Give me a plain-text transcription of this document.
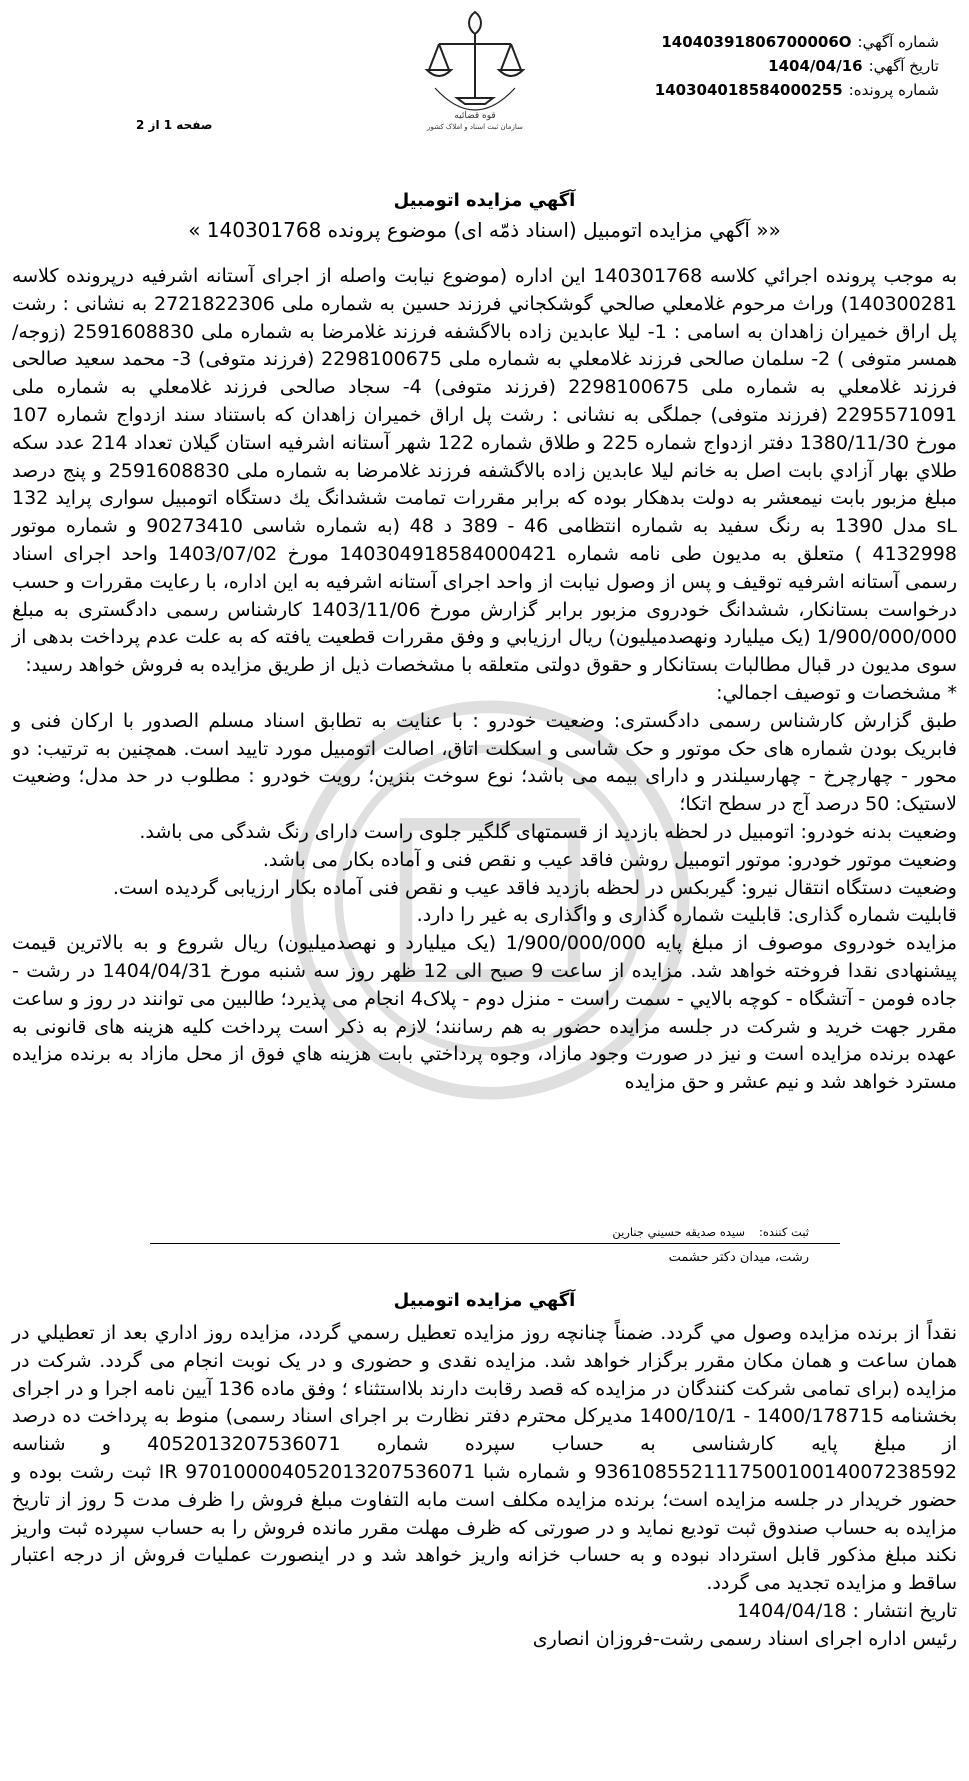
قوه قضائیه
سازمان ثبت اسناد و املاک کشور
شماره آگهي:14040391806700006O
تاريخ آگهي:1404/04/16
شماره پرونده:140304018584000255
صفحه 1 از 2
آگهي مزايده اتومبيل
«« آگهي مزايده اتومبيل (اسناد ذمّه اى) موضوع پرونده 140301768 »

به موجب پرونده اجرائي كلاسه 140301768 اين اداره (موضوع نيابت واصله از اجراى آستانه اشرفيه درپرونده كلاسه 140300281) وراث مرحوم غلامعلي صالحي گوشكجاني فرزند حسين به شماره ملى 2721822306 به نشانى : رشت پل اراق خميران زاهدان به اسامى : 1- ليلا عابدين زاده بالاگشفه فرزند غلامرضا به شماره ملى 2591608830 (زوجه/همسر متوفى ) 2- سلمان صالحى فرزند غلامعلي به شماره ملى 2298100675 (فرزند متوفى) 3- محمد سعيد صالحى فرزند غلامعلي به شماره ملى 2298100675 (فرزند متوفى) 4- سجاد صالحى فرزند غلامعلي به شماره ملى 2295571091 (فرزند متوفى) جملگى به نشانى : رشت پل اراق خميران زاهدان كه باستناد سند ازدواج شماره 107 مورخ 1380/11/30 دفتر ازدواج شماره 225 و طلاق شماره 122 شهر آستانه اشرفيه استان گيلان تعداد 214 عدد سكه طلاي بهار آزادي بابت اصل به خانم ليلا عابدين زاده بالاگشفه فرزند غلامرضا به شماره ملى 2591608830 و پنج درصد مبلغ مزبور بابت نيمعشر به دولت بدهكار بوده كه برابر مقررات تمامت ششدانگ يك دستگاه اتومبيل سوارى پرايد 132 sL مدل 1390 به رنگ سفيد به شماره انتظامى 46 - 389 د 48 (به شماره شاسى 90273410 و شماره موتور 4132998 ) متعلق به مديون طى نامه شماره 140304918584000421 مورخ 1403/07/02 واحد اجراى اسناد رسمى آستانه اشرفيه توقيف و پس از وصول نيابت از واحد اجراى آستانه اشرفيه به اين اداره، با رعايت مقررات و حسب درخواست بستانكار، ششدانگ خودروى مزبور برابر گزارش مورخ 1403/11/06 كارشناس رسمى دادگسترى به مبلغ 1/900/000/000 (يک ميليارد ونهصدميليون) ريال ارزيابي و وفق مقررات قطعيت يافته كه به علت عدم پرداخت بدهى از سوى مديون در قبال مطالبات بستانكار و حقوق دولتى متعلقه با مشخصات ذيل از طريق مزايده به فروش خواهد رسيد:

* مشخصات و توصيف اجمالي:

طبق گزارش كارشناس رسمى دادگسترى: وضعيت خودرو : با عنايت به تطابق اسناد مسلم الصدور با اركان فنى و فابريک بودن شماره هاى حک موتور و حک شاسى و اسكلت اتاق، اصالت اتومبيل مورد تاييد است. همچنين به ترتيب: دو محور - چهارچرخ - چهارسيلندر و داراى بيمه مى باشد؛ نوع سوخت بنزين؛ رويت خودرو : مطلوب در حد مدل؛ وضعيت لاستيک: 50 درصد آج در سطح اتكا؛

وضعيت بدنه خودرو: اتومبيل در لحظه بازديد از قسمتهاى گلگير جلوى راست داراى رنگ شدگى مى باشد.

وضعيت موتور خودرو: موتور اتومبيل روشن فاقد عيب و نقص فنى و آماده بكار مى باشد.

وضعيت دستگاه انتقال نيرو: گيربكس در لحظه بازديد فاقد عيب و نقص فنى آماده بكار ارزيابى گرديده است.

قابليت شماره گذارى: قابليت شماره گذارى و واگذارى به غير را دارد.

مزايده خودروى موصوف از مبلغ پايه 1/900/000/000 (يک ميليارد و نهصدميليون) ريال شروع و به بالاترين قيمت پيشنهادى نقدا فروخته خواهد شد. مزايده از ساعت 9 صبح الى 12 ظهر روز سه شنبه مورخ 1404/04/31 در رشت - جاده فومن - آتشگاه - كوچه بالايي - سمت راست - منزل دوم - پلاک4 انجام مى پذيرد؛ طالبين مى توانند در روز و ساعت مقرر جهت خريد و شركت در جلسه مزايده حضور به هم رسانند؛ لازم به ذكر است پرداخت كليه هزينه هاى قانونى به عهده برنده مزايده است و نيز در صورت وجود مازاد، وجوه پرداختي بابت هزينه هاي فوق از محل مازاد به برنده مزايده مسترد خواهد شد و نيم عشر و حق مزايده

ثبت كننده:سيده صديقه حسيني جنارين
رشت، ميدان دكتر حشمت
آگهي مزايده اتومبيل

نقداً از برنده مزايده وصول مي گردد. ضمناً چنانچه روز مزايده تعطيل رسمي گردد، مزايده روز اداري بعد از تعطيلي در همان ساعت و همان مكان مقرر برگزار خواهد شد. مزايده نقدى و حضورى و در يک نوبت انجام مى گردد. شركت در مزايده (براى تمامى شركت كنندگان در مزايده كه قصد رقابت دارند بلااستثناء ؛ وفق ماده 136 آيين نامه اجرا و در اجراى بخشنامه 1400/178715 - 1400/10/1 مديركل محترم دفتر نظارت بر اجراى اسناد رسمى) منوط به پرداخت ده درصد از مبلغ پايه كارشناسى به حساب سپرده شماره 4052013207536071 و شناسه 936108552111750010014007238592 و شماره شبا IR 970100004052013207536071 ثبت رشت بوده و حضور خريدار در جلسه مزايده است؛ برنده مزايده مكلف است مابه التفاوت مبلغ فروش را ظرف مدت 5 روز از تاريخ مزايده به حساب صندوق ثبت توديع نمايد و در صورتى كه ظرف مهلت مقرر مانده فروش را به حساب سپرده ثبت واريز نكند مبلغ مذكور قابل استرداد نبوده و به حساب خزانه واريز خواهد شد و در اينصورت عمليات فروش از درجه اعتبار ساقط و مزايده تجديد مى گردد.

تاريخ انتشار : 1404/04/18

رئيس اداره اجراى اسناد رسمى رشت-فروزان انصارى
